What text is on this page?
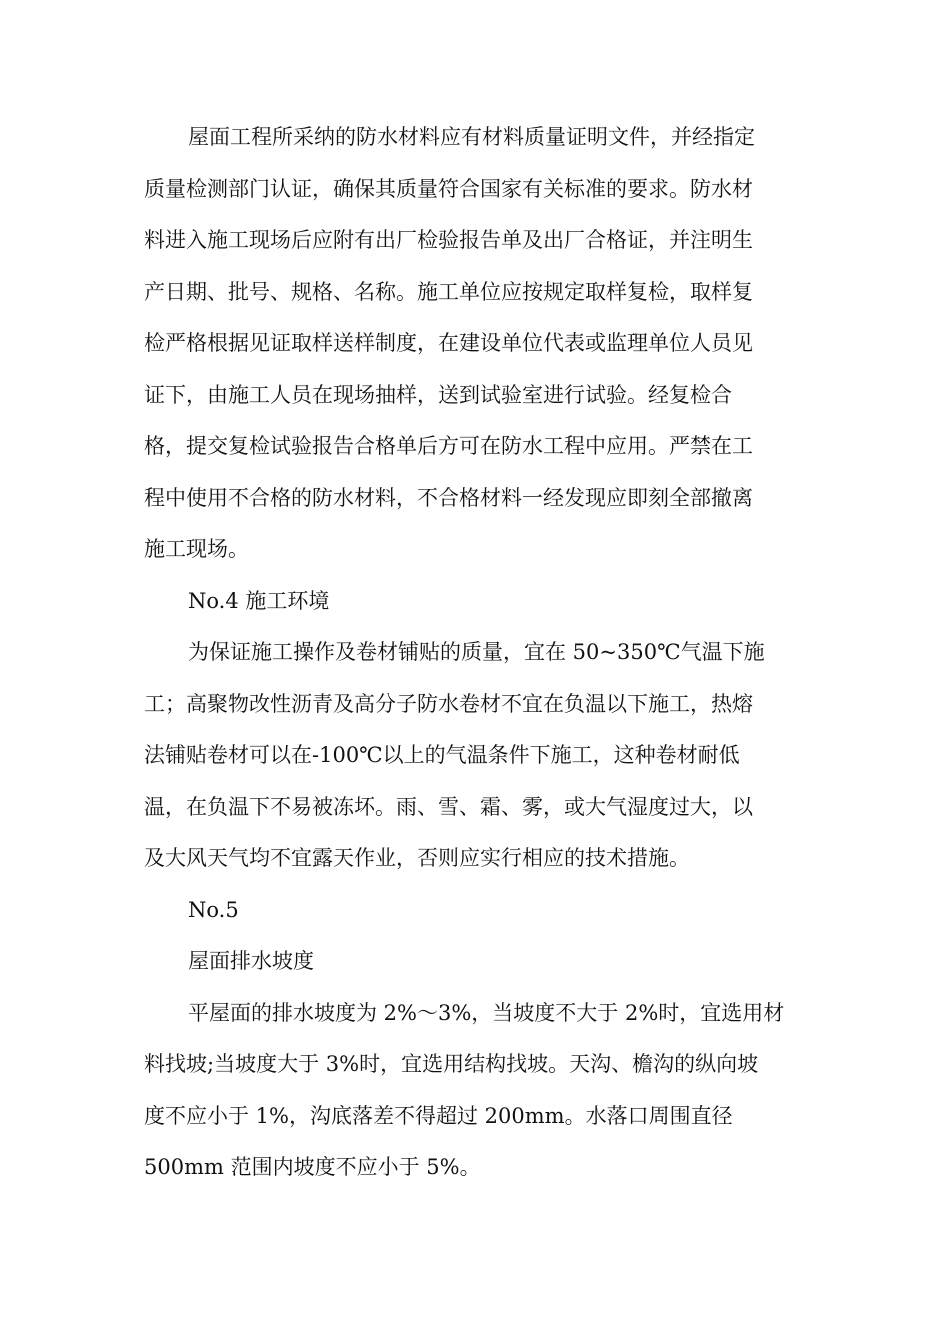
屋面工程所采纳的防水材料应有材料质量证明文件，并经指定
质量检测部门认证，确保其质量符合国家有关标准的要求。防水材
料进入施工现场后应附有出厂检验报告单及出厂合格证，并注明生
产日期、批号、规格、名称。施工单位应按规定取样复检，取样复
检严格根据见证取样送样制度，在建设单位代表或监理单位人员见
证下，由施工人员在现场抽样，送到试验室进行试验。经复检合
格，提交复检试验报告合格单后方可在防水工程中应用。严禁在工
程中使用不合格的防水材料，不合格材料一经发现应即刻全部撤离
施工现场。
No.4 施工环境
为保证施工操作及卷材铺贴的质量，宜在 50~350℃气温下施
工；高聚物改性沥青及高分子防水卷材不宜在负温以下施工，热熔
法铺贴卷材可以在-100℃以上的气温条件下施工，这种卷材耐低
温，在负温下不易被冻坏。雨、雪、霜、雾，或大气湿度过大，以
及大风天气均不宜露天作业，否则应实行相应的技术措施。
No.5
屋面排水坡度
平屋面的排水坡度为 2%～3%，当坡度不大于 2%时，宜选用材
料找坡;当坡度大于 3%时，宜选用结构找坡。天沟、檐沟的纵向坡
度不应小于 1%，沟底落差不得超过 200mm。水落口周围直径
500mm 范围内坡度不应小于 5%。
